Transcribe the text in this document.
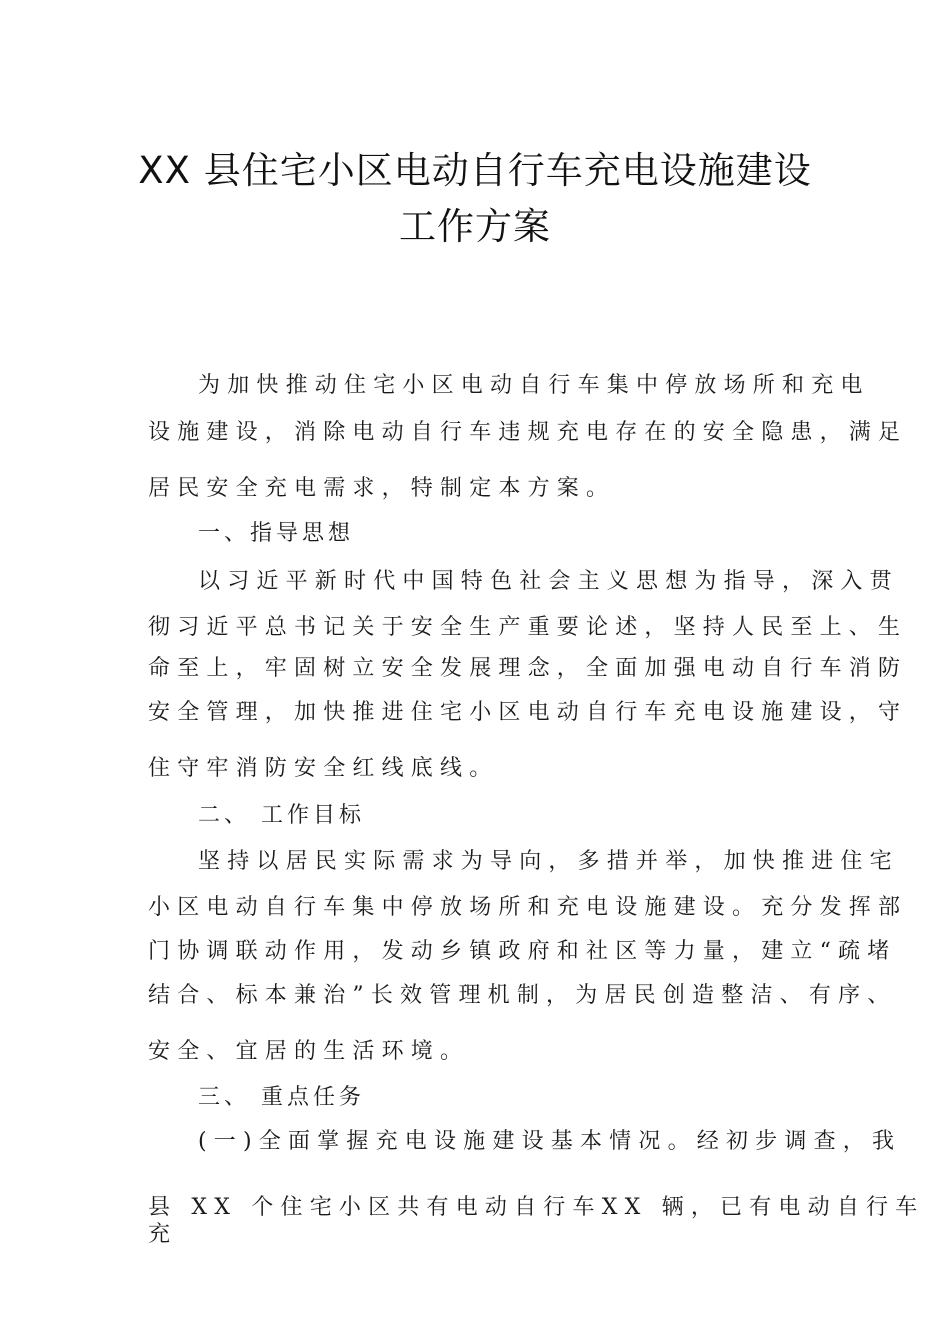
XX 县住宅小区电动自行车充电设施建设
工作方案
为加快推动住宅小区电动自行车集中停放场所和充电
设施建设，消除电动自行车违规充电存在的安全隐患，满足
居民安全充电需求，特制定本方案。
一、指导思想
以习近平新时代中国特色社会主义思想为指导，深入贯
彻习近平总书记关于安全生产重要论述，坚持人民至上、生
命至上，牢固树立安全发展理念，全面加强电动自行车消防
安全管理，加快推进住宅小区电动自行车充电设施建设，守
住守牢消防安全红线底线。
二、 工作目标
坚持以居民实际需求为导向，多措并举，加快推进住宅
小区电动自行车集中停放场所和充电设施建设。充分发挥部
门协调联动作用，发动乡镇政府和社区等力量，建立“疏堵
结合、标本兼治”长效管理机制，为居民创造整洁、有序、
安全、宜居的生活环境。
三、 重点任务
(一)全面掌握充电设施建设基本情况。经初步调查，我
县 XX 个住宅小区共有电动自行车XX 辆，已有电动自行车
充
